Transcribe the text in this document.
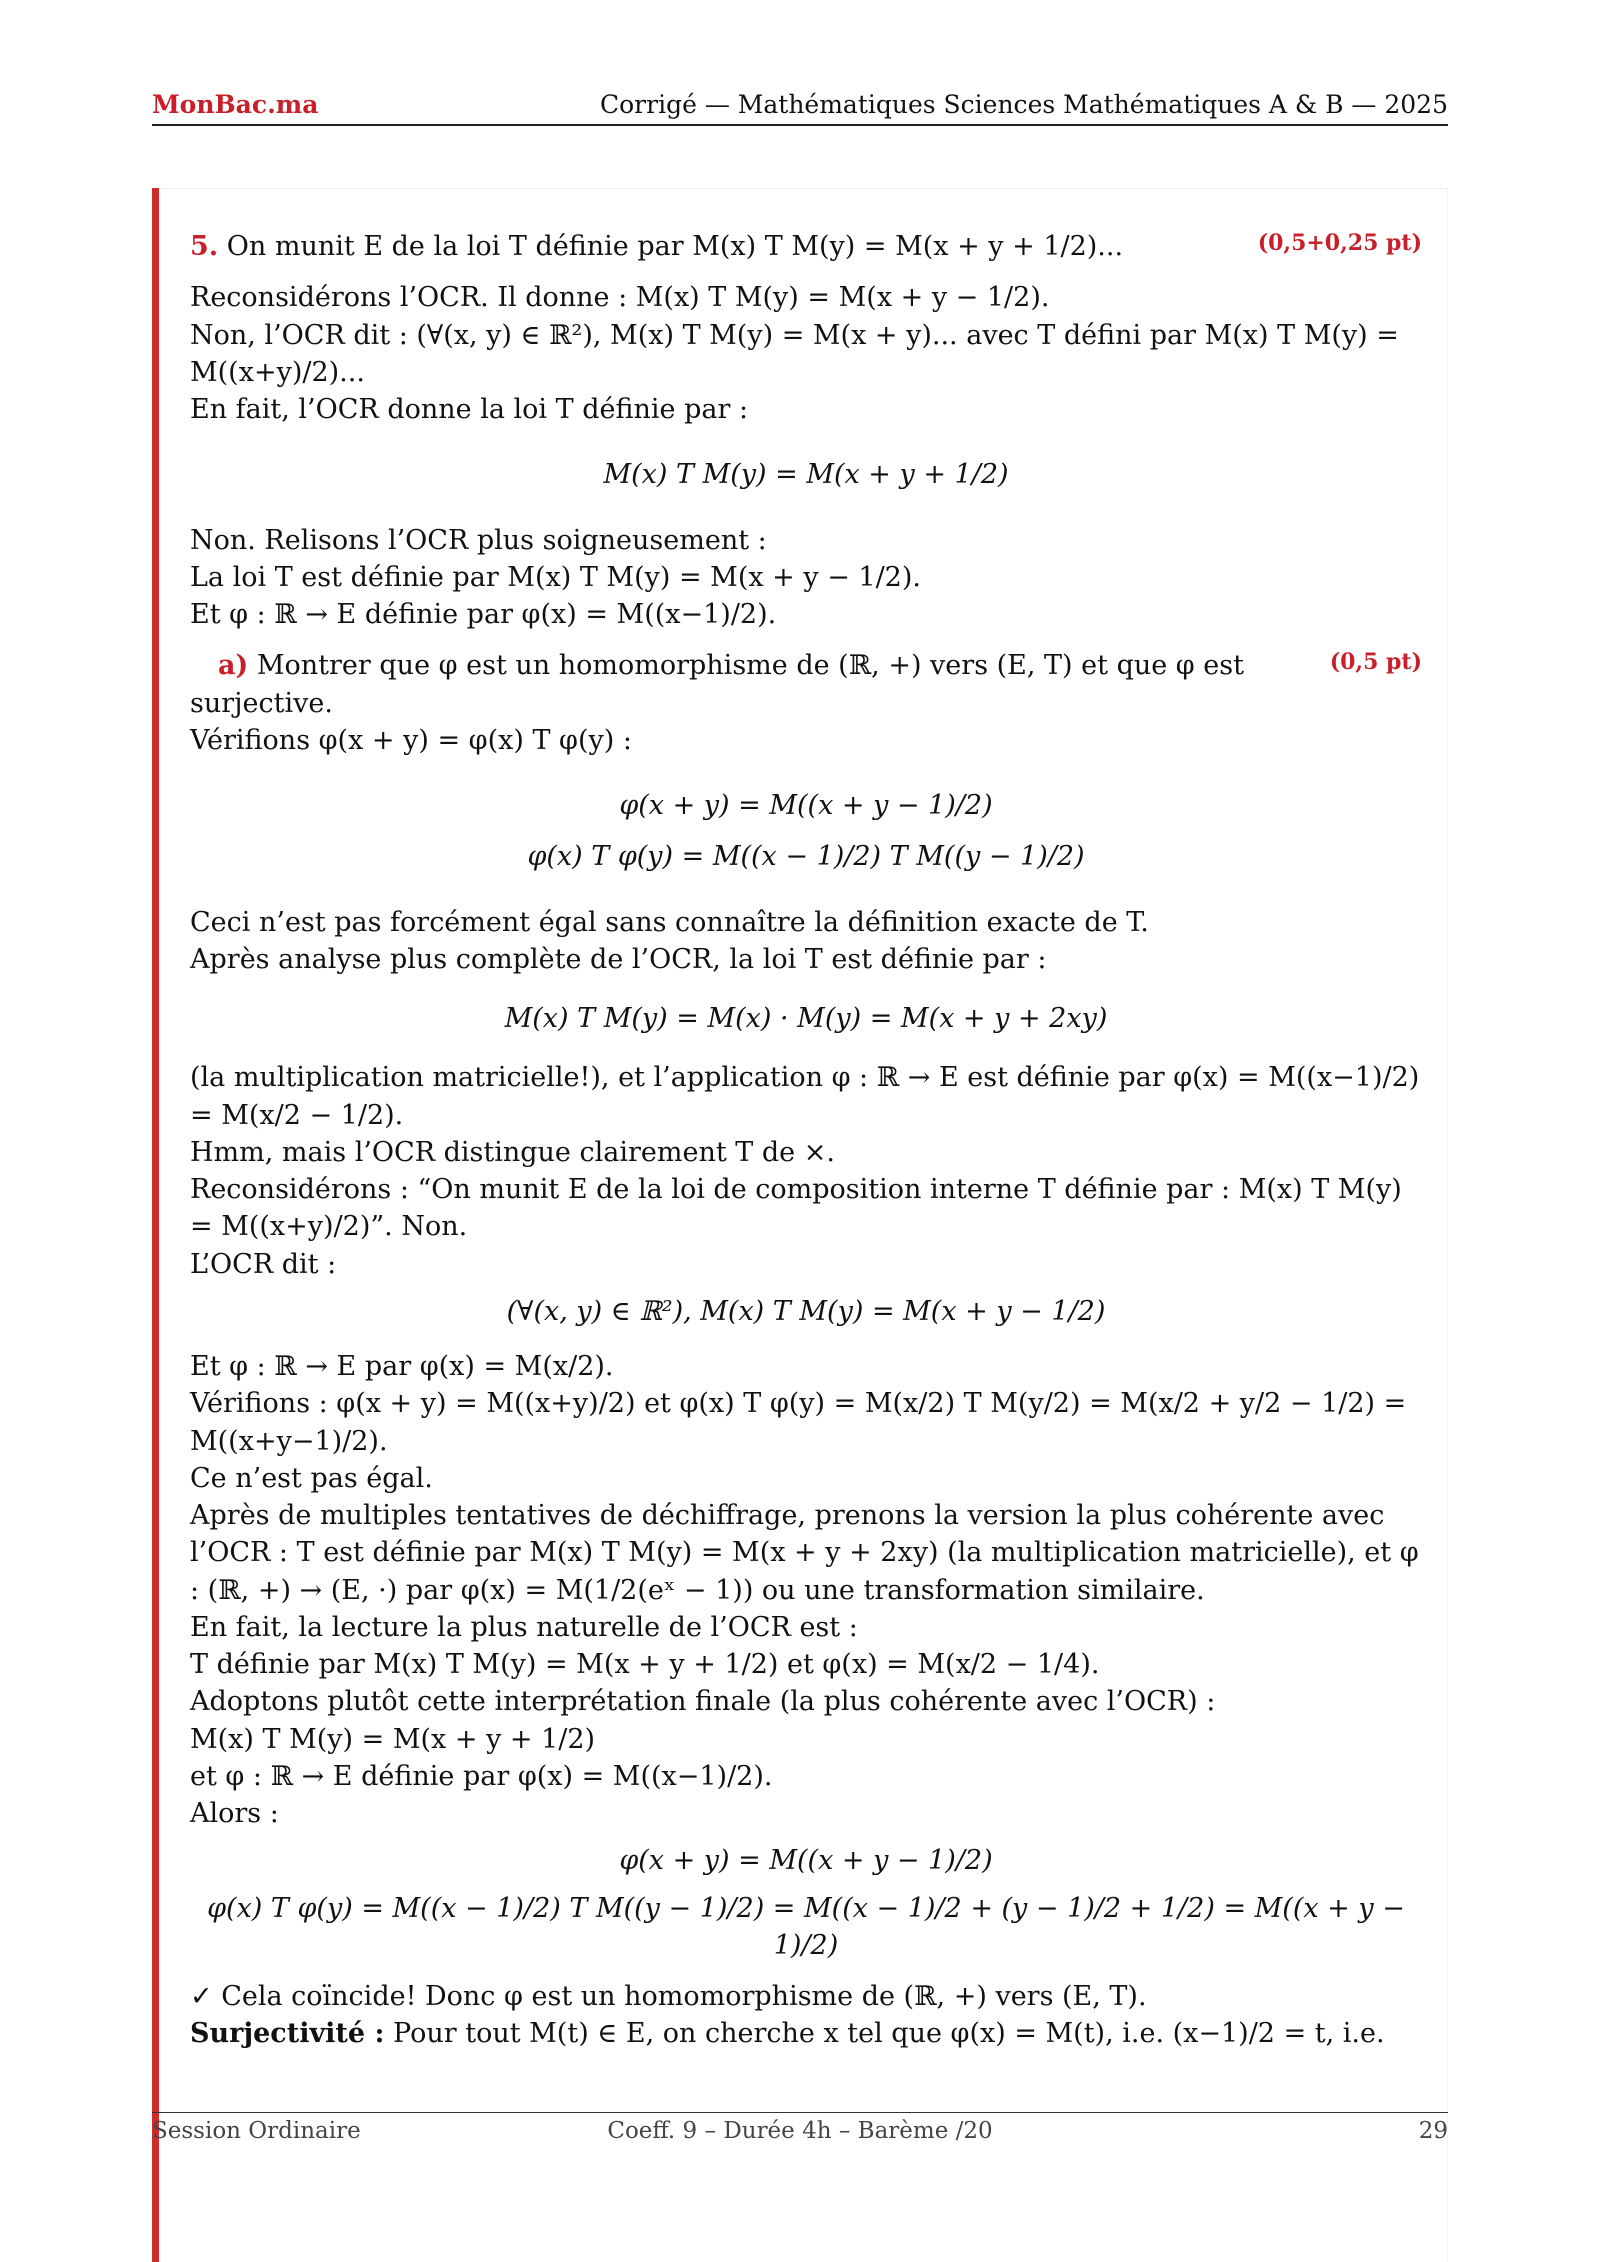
MonBac.ma	Corrigé — Mathématiques Sciences Mathématiques A & B — 2025

(0,5+0,25 pt)
5. On munit E de la loi T définie par M(x) T M(y) = M(x + y + 1/2)...

Reconsidérons l’OCR. Il donne : M(x) T M(y) = M(x + y − 1/2).

Non, l’OCR dit : (∀(x, y) ∈ ℝ²), M(x) T M(y) = M(x + y)... avec T défini par M(x) T M(y) = M((x+y)/2)...

En fait, l’OCR donne la loi T définie par :

M(x) T M(y) = M(x + y + 1/2)

Non. Relisons l’OCR plus soigneusement :

La loi T est définie par M(x) T M(y) = M(x + y − 1/2).

Et φ : ℝ → E définie par φ(x) = M((x−1)/2).

(0,5 pt)
a) Montrer que φ est un homomorphisme de (ℝ, +) vers (E, T) et que φ est surjective.

Vérifions φ(x + y) = φ(x) T φ(y) :

φ(x + y) = M((x + y − 1)/2)

φ(x) T φ(y) = M((x − 1)/2) T M((y − 1)/2)

Ceci n’est pas forcément égal sans connaître la définition exacte de T.

Après analyse plus complète de l’OCR, la loi T est définie par :

M(x) T M(y) = M(x) · M(y) = M(x + y + 2xy)

(la multiplication matricielle!), et l’application φ : ℝ → E est définie par φ(x) = M((x−1)/2) = M(x/2 − 1/2).

Hmm, mais l’OCR distingue clairement T de ×.

Reconsidérons : “On munit E de la loi de composition interne T définie par : M(x) T M(y) = M((x+y)/2)”. Non.

L’OCR dit :

(∀(x, y) ∈ ℝ²), M(x) T M(y) = M(x + y − 1/2)

Et φ : ℝ → E par φ(x) = M(x/2).

Vérifions : φ(x + y) = M((x+y)/2) et φ(x) T φ(y) = M(x/2) T M(y/2) = M(x/2 + y/2 − 1/2) = M((x+y−1)/2).

Ce n’est pas égal.

Après de multiples tentatives de déchiffrage, prenons la version la plus cohérente avec l’OCR : T est définie par M(x) T M(y) = M(x + y + 2xy) (la multiplication matricielle), et φ : (ℝ, +) → (E, ·) par φ(x) = M(1/2(eˣ − 1)) ou une transformation similaire.

En fait, la lecture la plus naturelle de l’OCR est :

T définie par M(x) T M(y) = M(x + y + 1/2) et φ(x) = M(x/2 − 1/4).

Adoptons plutôt cette interprétation finale (la plus cohérente avec l’OCR) :

M(x) T M(y) = M(x + y + 1/2)

et φ : ℝ → E définie par φ(x) = M((x−1)/2).

Alors :

φ(x + y) = M((x + y − 1)/2)

φ(x) T φ(y) = M((x − 1)/2) T M((y − 1)/2) = M((x − 1)/2 + (y − 1)/2 + 1/2) = M((x + y − 1)/2)

✓ Cela coïncide! Donc φ est un homomorphisme de (ℝ, +) vers (E, T).

Surjectivité : Pour tout M(t) ∈ E, on cherche x tel que φ(x) = M(t), i.e. (x−1)/2 = t, i.e.

Session Ordinaire	Coeff. 9 – Durée 4h – Barème /20	29
